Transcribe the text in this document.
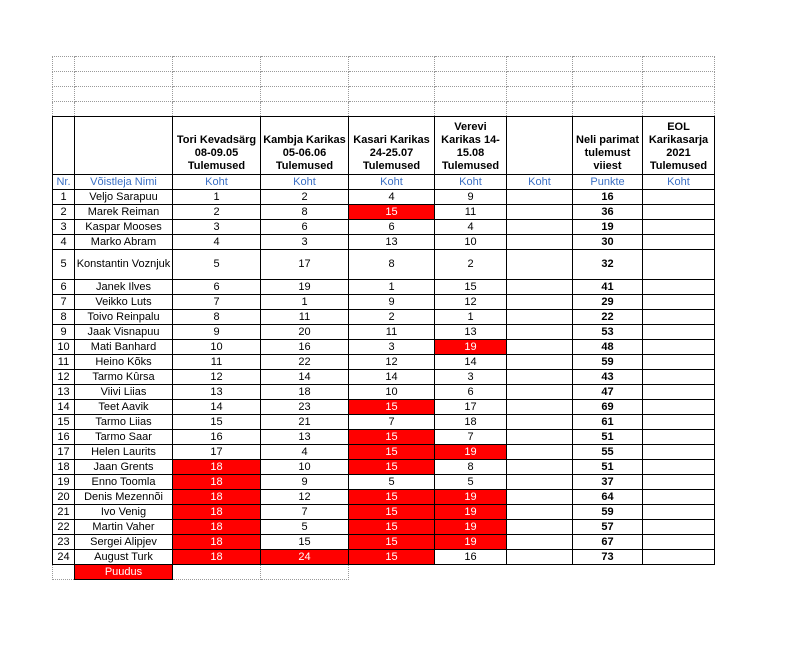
		Tori Kevadsärg 08-09.05 Tulemused	Kambja Karikas 05-06.06 Tulemused	Kasari Karikas 24-25.07 Tulemused	Verevi Karikas 14-15.08 Tulemused		Neli parimat tulemust viiest	EOL Karikasarja 2021 Tulemused
Nr.	Võistleja Nimi	Koht	Koht	Koht	Koht	Koht	Punkte	Koht
1	Veljo Sarapuu	1	2	4	9		16	
2	Marek Reiman	2	8	15	11		36	
3	Kaspar Mooses	3	6	6	4		19	
4	Marko Abram	4	3	13	10		30	
5	Konstantin Voznjuk	5	17	8	2		32	
6	Janek Ilves	6	19	1	15		41	
7	Veikko Luts	7	1	9	12		29	
8	Toivo Reinpalu	8	11	2	1		22	
9	Jaak Visnapuu	9	20	11	13		53	
10	Mati Banhard	10	16	3	19		48	
11	Heino Kõks	11	22	12	14		59	
12	Tarmo Kûrsa	12	14	14	3		43	
13	Viivi Liias	13	18	10	6		47	
14	Teet Aavik	14	23	15	17		69	
15	Tarmo Liias	15	21	7	18		61	
16	Tarmo Saar	16	13	15	7		51	
17	Helen Laurits	17	4	15	19		55	
18	Jaan Grents	18	10	15	8		51	
19	Enno Toomla	18	9	5	5		37	
20	Denis Mezennõi	18	12	15	19		64	
21	Ivo Venig	18	7	15	19		59	
22	Martin Vaher	18	5	15	19		57	
23	Sergei Alipjev	18	15	15	19		67	
24	August Turk	18	24	15	16		73	
	Puudus							
